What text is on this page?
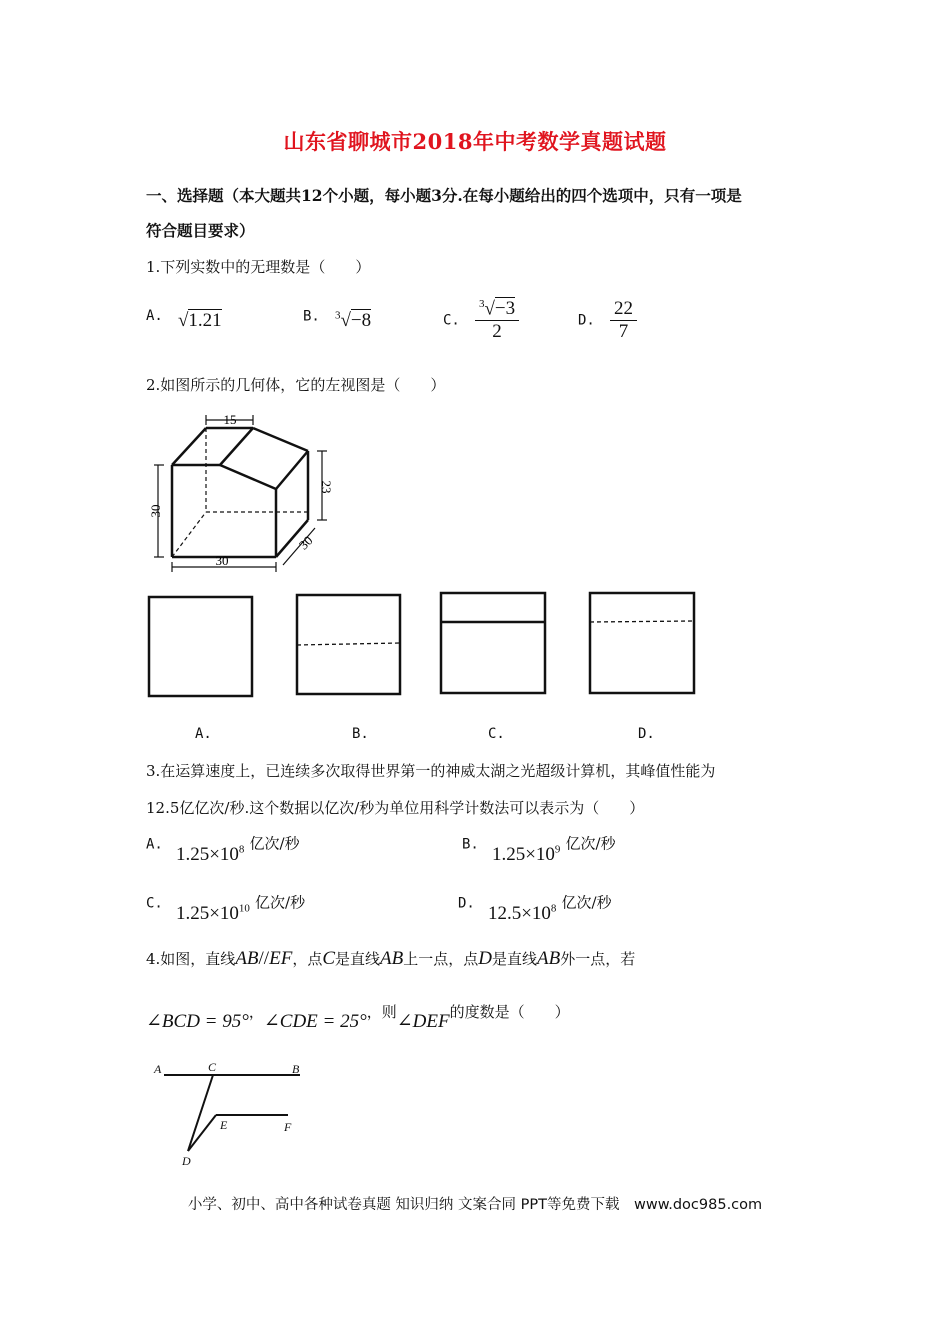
山东省聊城市2018年中考数学真题试题
一、选择题（本大题共12个小题，每小题3分.在每小题给出的四个选项中，只有一项是
符合题目要求）
1.下列实数中的无理数是（　　）
A. √1.21	B. $^3$√−8	C. $\frac{^3√-3}{2}$	D. $\frac{22}{7}$
2.如图所示的几何体，它的左视图是（　　）
15
30
23
30
30
A.	B.	C.	D.
3.在运算速度上，已连续多次取得世界第一的神威太湖之光超级计算机，其峰值性能为
12.5亿亿次/秒.这个数据以亿次/秒为单位用科学计数法可以表示为（　　）
A. $1.25\times 10^8$ 亿次/秒	B. $1.25\times 10^9$ 亿次/秒
C. $1.25\times 10^{10}$ 亿次/秒	D. $12.5\times 10^8$ 亿次/秒
4.如图，直线AB//EF，点C是直线AB上一点，点D是直线AB外一点，若
∠BCD = 95°，∠CDE = 25°，则∠DEF的度数是（　　）
A	C	B
E	F
D
小学、初中、高中各种试卷真题 知识归纳 文案合同 PPT等免费下载　www.doc985.com
